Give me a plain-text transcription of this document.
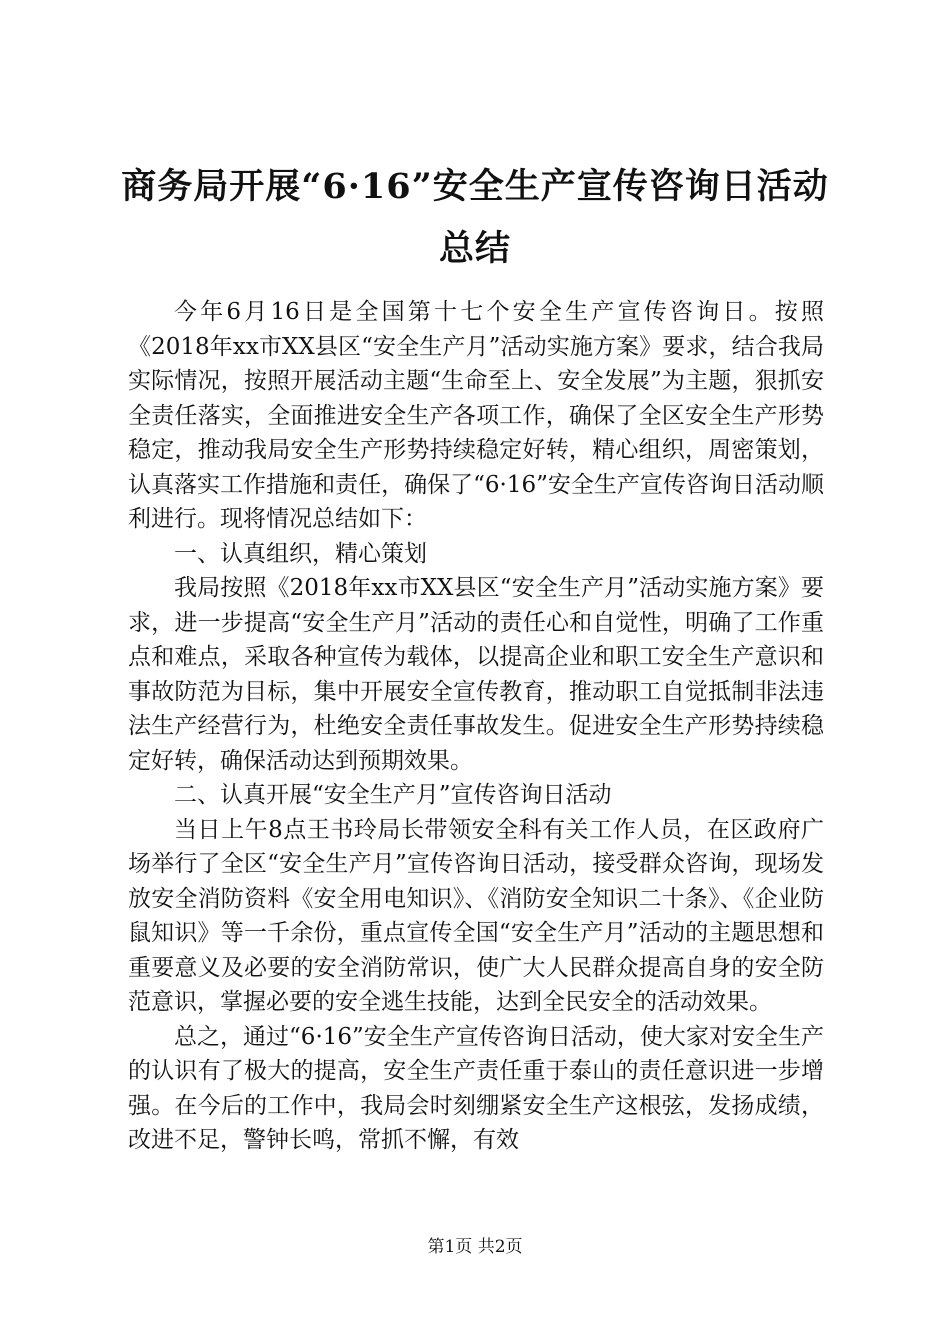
商务局开展“6·16”安全生产宣传咨询日活动总结

今年6月16日是全国第十七个安全生产宣传咨询日。按照《2018年xx市XX县区“安全生产月”活动实施方案》要求，结合我局实际情况，按照开展活动主题“生命至上、安全发展”为主题，狠抓安全责任落实，全面推进安全生产各项工作，确保了全区安全生产形势稳定，推动我局安全生产形势持续稳定好转，精心组织，周密策划，认真落实工作措施和责任，确保了“6·16”安全生产宣传咨询日活动顺利进行。现将情况总结如下：

一、认真组织，精心策划

我局按照《2018年xx市XX县区“安全生产月”活动实施方案》要求，进一步提高“安全生产月”活动的责任心和自觉性，明确了工作重点和难点，采取各种宣传为载体，以提高企业和职工安全生产意识和事故防范为目标，集中开展安全宣传教育，推动职工自觉抵制非法违法生产经营行为，杜绝安全责任事故发生。促进安全生产形势持续稳定好转，确保活动达到预期效果。

二、认真开展“安全生产月”宣传咨询日活动

当日上午8点王书玲局长带领安全科有关工作人员，在区政府广场举行了全区“安全生产月”宣传咨询日活动，接受群众咨询，现场发放安全消防资料《安全用电知识》、《消防安全知识二十条》、《企业防鼠知识》等一千余份，重点宣传全国“安全生产月”活动的主题思想和重要意义及必要的安全消防常识，使广大人民群众提高自身的安全防范意识，掌握必要的安全逃生技能，达到全民安全的活动效果。

总之，通过“6·16”安全生产宣传咨询日活动，使大家对安全生产的认识有了极大的提高，安全生产责任重于泰山的责任意识进一步增强。在今后的工作中，我局会时刻绷紧安全生产这根弦，发扬成绩，改进不足，警钟长鸣，常抓不懈，有效

第1页 共2页
